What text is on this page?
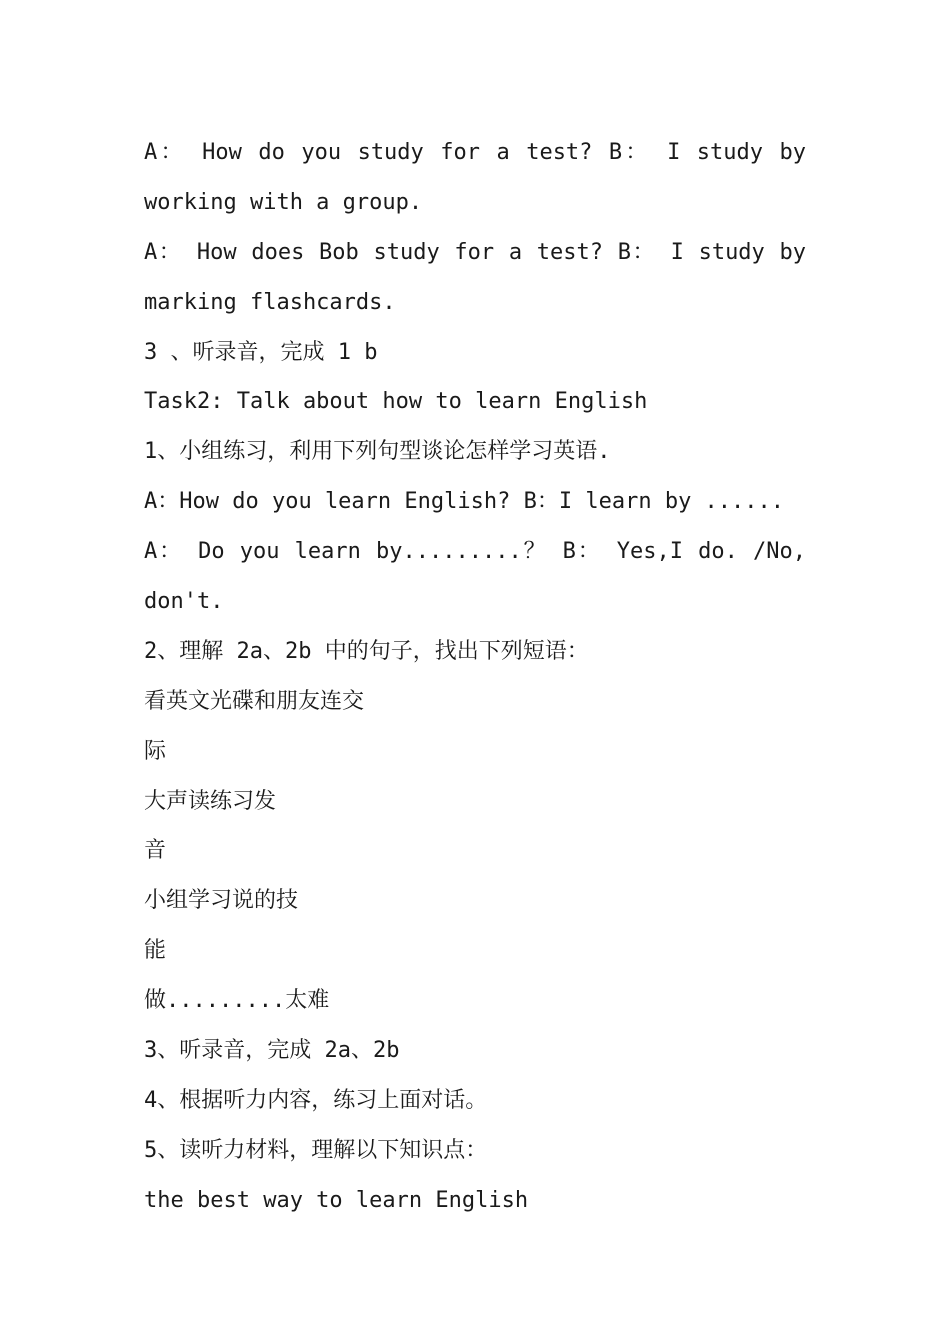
A： How do you study for a test? B： I study by
working with a group.
A： How does Bob study for a test? B： I study by
marking flashcards.
3 、听录音，完成 1 b
Task2: Talk about how to learn English
1、小组练习，利用下列句型谈论怎样学习英语.
A：How do you learn English? B：I learn by ......
A： Do you learn by.........？ B： Yes,I do. /No,
don't.
2、理解 2a、2b 中的句子，找出下列短语：
看英文光碟和朋友连交
际
大声读练习发
音
小组学习说的技
能
做.........太难
3、听录音，完成 2a、2b
4、根据听力内容，练习上面对话。
5、读听力材料，理解以下知识点：
the best way to learn English
